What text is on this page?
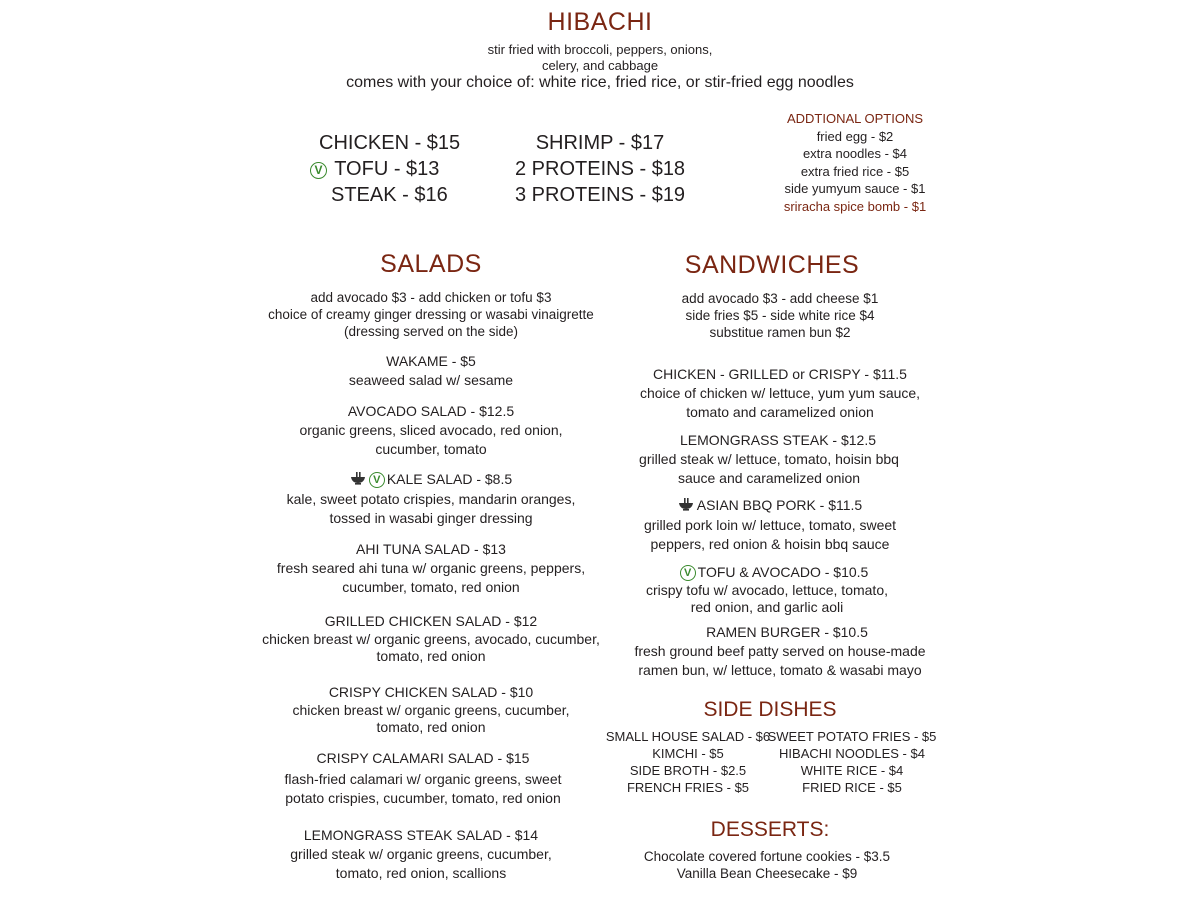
HIBACHI
stir fried with broccoli, peppers, onions,
celery, and cabbage
comes with your choice of: white rice, fried rice, or stir-fried egg noodles
CHICKEN - $15
V TOFU - $13
STEAK - $16
SHRIMP - $17
2 PROTEINS - $18
3 PROTEINS - $19
ADDTIONAL OPTIONS
fried egg - $2
extra noodles - $4
extra fried rice - $5
side yumyum sauce - $1
sriracha spice bomb - $1
SALADS
add avocado $3 - add chicken or tofu $3
choice of creamy ginger dressing or wasabi vinaigrette
(dressing served on the side)
WAKAME - $5
seaweed salad w/ sesame
AVOCADO SALAD - $12.5
organic greens, sliced avocado, red onion,
cucumber, tomato
V KALE SALAD - $8.5
kale, sweet potato crispies, mandarin oranges,
tossed in wasabi ginger dressing
AHI TUNA SALAD - $13
fresh seared ahi tuna w/ organic greens, peppers,
cucumber, tomato, red onion
GRILLED CHICKEN SALAD - $12
chicken breast w/ organic greens, avocado, cucumber,
tomato, red onion
CRISPY CHICKEN SALAD - $10
chicken breast w/ organic greens, cucumber,
tomato, red onion
CRISPY CALAMARI SALAD - $15
flash-fried calamari w/ organic greens, sweet
potato crispies, cucumber, tomato, red onion
LEMONGRASS STEAK SALAD - $14
grilled steak w/ organic greens, cucumber,
tomato, red onion, scallions
SANDWICHES
add avocado $3 - add cheese $1
side fries $5 - side white rice $4
substitue ramen bun $2
CHICKEN - GRILLED or CRISPY - $11.5
choice of chicken w/ lettuce, yum yum sauce,
tomato and caramelized onion
LEMONGRASS STEAK - $12.5
grilled steak w/ lettuce, tomato, hoisin bbq
sauce and caramelized onion
ASIAN BBQ PORK - $11.5
grilled pork loin w/ lettuce, tomato, sweet
peppers, red onion & hoisin bbq sauce
V TOFU & AVOCADO - $10.5
crispy tofu w/ avocado, lettuce, tomato,
red onion, and garlic aoli
RAMEN BURGER - $10.5
fresh ground beef patty served on house-made
ramen bun, w/ lettuce, tomato & wasabi mayo
SIDE DISHES
SMALL HOUSE SALAD - $6
KIMCHI - $5
SIDE BROTH - $2.5
FRENCH FRIES - $5
SWEET POTATO FRIES - $5
HIBACHI NOODLES - $4
WHITE RICE - $4
FRIED RICE - $5
DESSERTS:
Chocolate covered fortune cookies - $3.5
Vanilla Bean Cheesecake - $9
